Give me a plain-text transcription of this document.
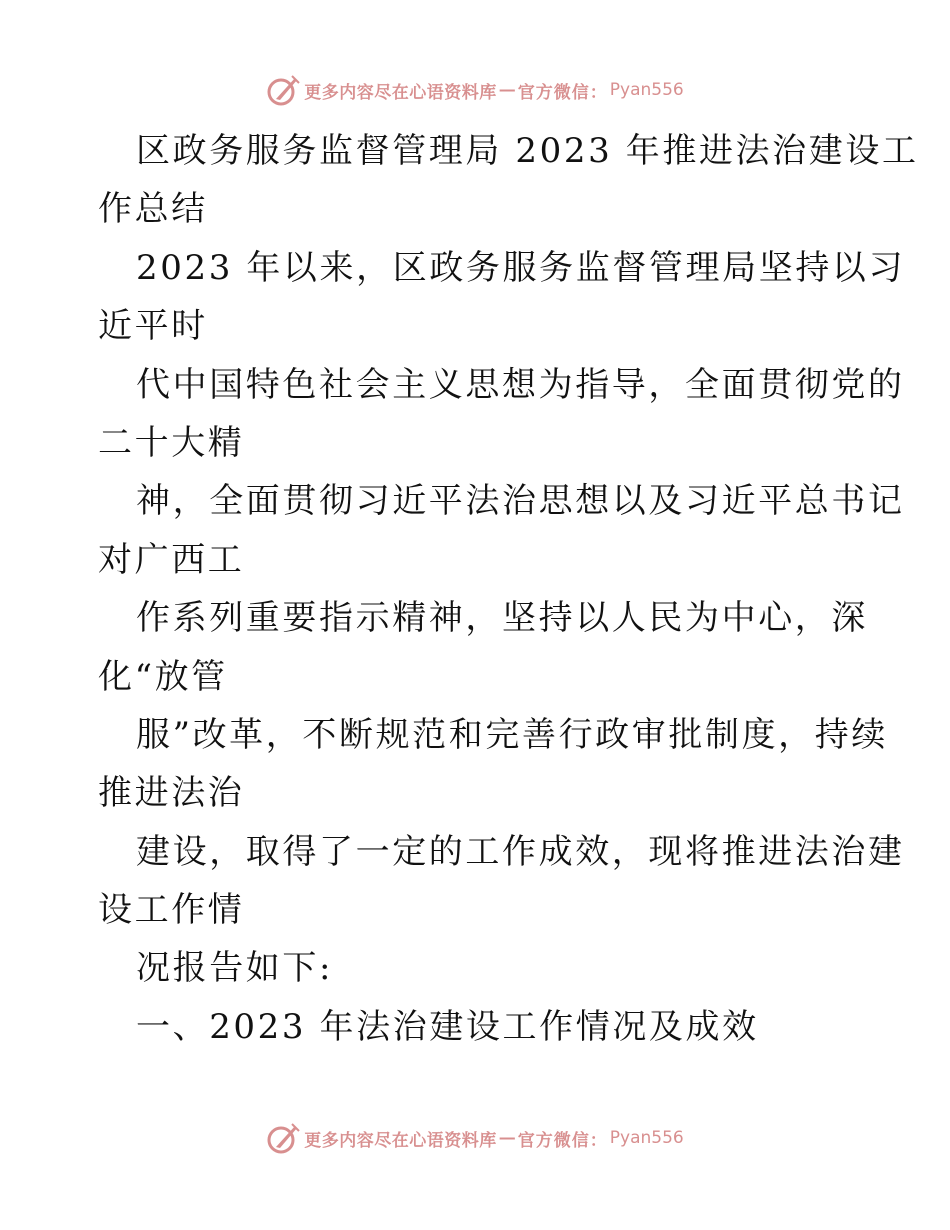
更多内容尽在心语资料库 — 官方微信： Pyan556
区政务服务监督管理局 2023 年推进法治建设工
作总结
2023 年以来，区政务服务监督管理局坚持以习
近平时
代中国特色社会主义思想为指导，全面贯彻党的
二十大精
神，全面贯彻习近平法治思想以及习近平总书记
对广西工
作系列重要指示精神，坚持以人民为中心，深
化“放管
服”改革，不断规范和完善行政审批制度，持续
推进法治
建设，取得了一定的工作成效，现将推进法治建
设工作情
况报告如下:
一、2023 年法治建设工作情况及成效
更多内容尽在心语资料库 — 官方微信： Pyan556
